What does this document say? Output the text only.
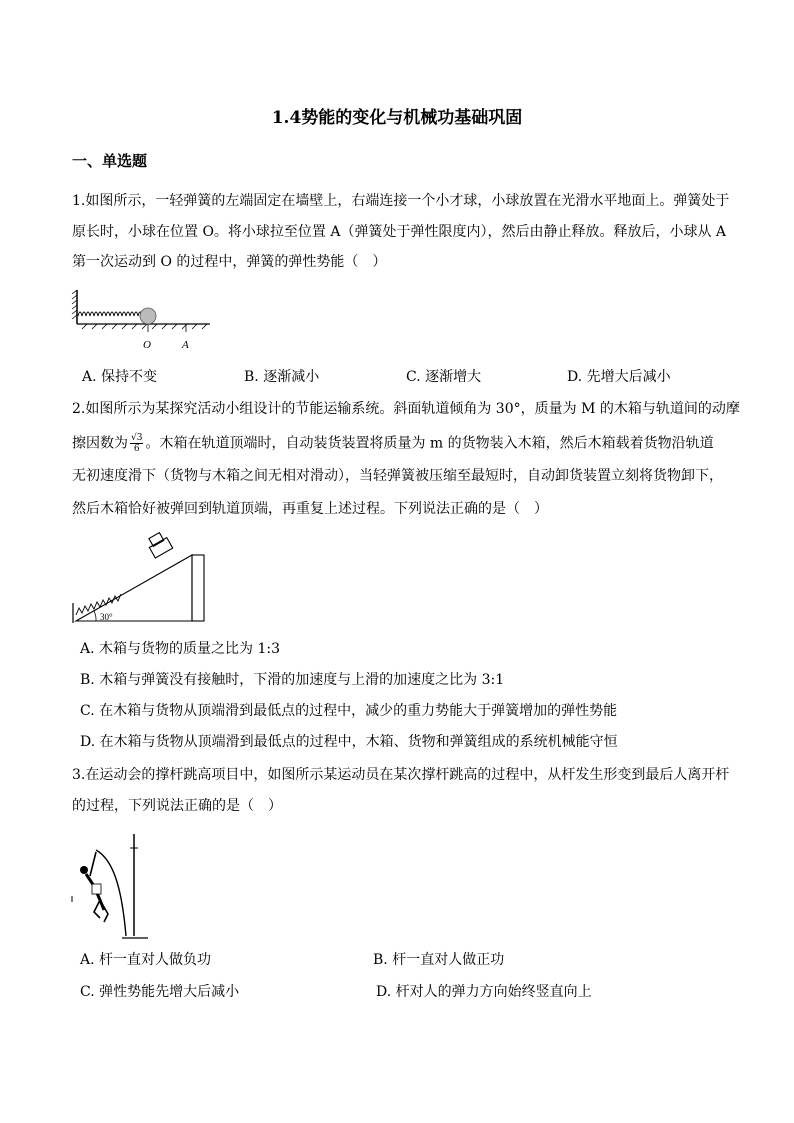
1.4势能的变化与机械功基础巩固
一、单选题
1.如图所示，一轻弹簧的左端固定在墙壁上，右端连接一个小才球，小球放置在光滑水平地面上。弹簧处于
原长时，小球在位置 O。将小球拉至位置 A（弹簧处于弹性限度内），然后由静止释放。释放后，小球从 A
第一次运动到 O 的过程中，弹簧的弹性势能（　）
O	A
A. 保持不变	B. 逐渐减小	C. 逐渐增大	D. 先增大后减小
2.如图所示为某探究活动小组设计的节能运输系统。斜面轨道倾角为 30°，质量为 M 的木箱与轨道间的动摩
擦因数为 $\frac{√3}{6}$ 。木箱在轨道顶端时，自动装货装置将质量为 m 的货物装入木箱，然后木箱载着货物沿轨道
无初速度滑下（货物与木箱之间无相对滑动），当轻弹簧被压缩至最短时，自动卸货装置立刻将货物卸下，
然后木箱恰好被弹回到轨道顶端，再重复上述过程。下列说法正确的是（　）
30°
A. 木箱与货物的质量之比为 1:3
B. 木箱与弹簧没有接触时，下滑的加速度与上滑的加速度之比为 3:1
C. 在木箱与货物从顶端滑到最低点的过程中，减少的重力势能大于弹簧增加的弹性势能
D. 在木箱与货物从顶端滑到最低点的过程中，木箱、货物和弹簧组成的系统机械能守恒
3.在运动会的撑杆跳高项目中，如图所示某运动员在某次撑杆跳高的过程中，从杆发生形变到最后人离开杆
的过程，下列说法正确的是（　）
A. 杆一直对人做负功	B. 杆一直对人做正功
C. 弹性势能先增大后减小	D. 杆对人的弹力方向始终竖直向上
